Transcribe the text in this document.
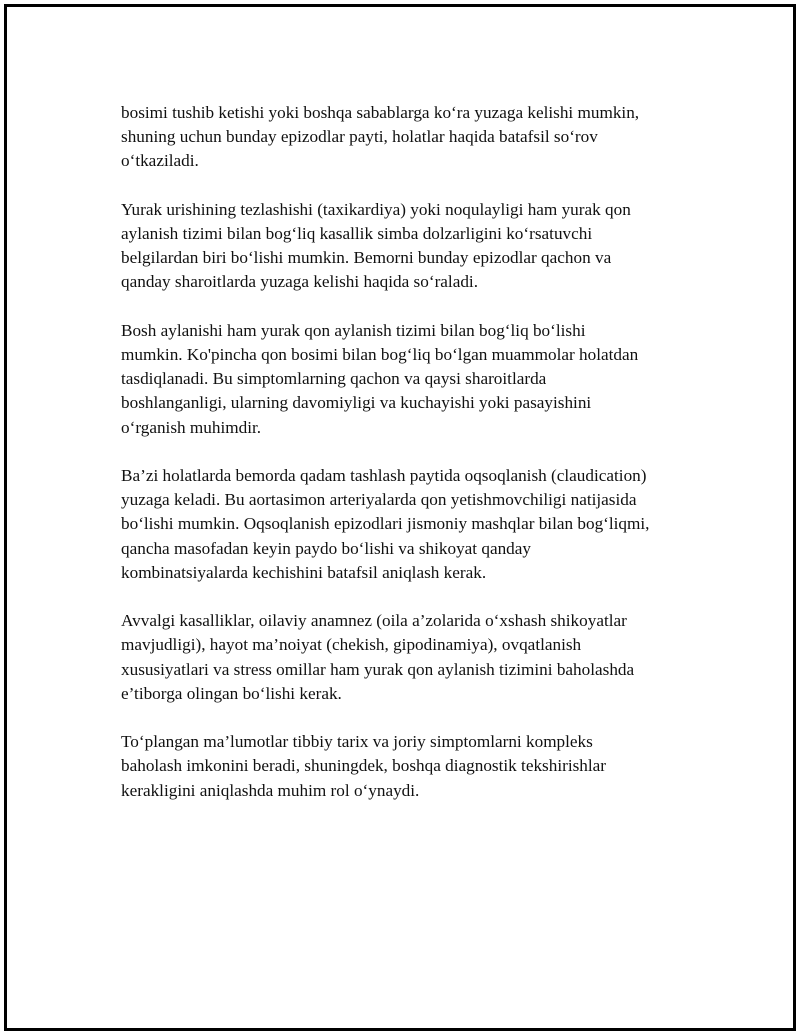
bosimi tushib ketishi yoki boshqa sabablarga ko‘ra yuzaga kelishi mumkin,
shuning uchun bunday epizodlar payti, holatlar haqida batafsil so‘rov
o‘tkaziladi.

Yurak urishining tezlashishi (taxikardiya) yoki noqulayligi ham yurak qon
aylanish tizimi bilan bog‘liq kasallik simba dolzarligini ko‘rsatuvchi
belgilardan biri bo‘lishi mumkin. Bemorni bunday epizodlar qachon va
qanday sharoitlarda yuzaga kelishi haqida so‘raladi.

Bosh aylanishi ham yurak qon aylanish tizimi bilan bog‘liq bo‘lishi
mumkin. Ko'pincha qon bosimi bilan bog‘liq bo‘lgan muammolar holatdan
tasdiqlanadi. Bu simptomlarning qachon va qaysi sharoitlarda
boshlanganligi, ularning davomiyligi va kuchayishi yoki pasayishini
o‘rganish muhimdir.

Ba’zi holatlarda bemorda qadam tashlash paytida oqsoqlanish (claudication)
yuzaga keladi. Bu aortasimon arteriyalarda qon yetishmovchiligi natijasida
bo‘lishi mumkin. Oqsoqlanish epizodlari jismoniy mashqlar bilan bog‘liqmi,
qancha masofadan keyin paydo bo‘lishi va shikoyat qanday
kombinatsiyalarda kechishini batafsil aniqlash kerak.

Avvalgi kasalliklar, oilaviy anamnez (oila a’zolarida o‘xshash shikoyatlar
mavjudligi), hayot ma’noiyat (chekish, gipodinamiya), ovqatlanish
xususiyatlari va stress omillar ham yurak qon aylanish tizimini baholashda
e’tiborga olingan bo‘lishi kerak.

To‘plangan ma’lumotlar tibbiy tarix va joriy simptomlarni kompleks
baholash imkonini beradi, shuningdek, boshqa diagnostik tekshirishlar
kerakligini aniqlashda muhim rol o‘ynaydi.
